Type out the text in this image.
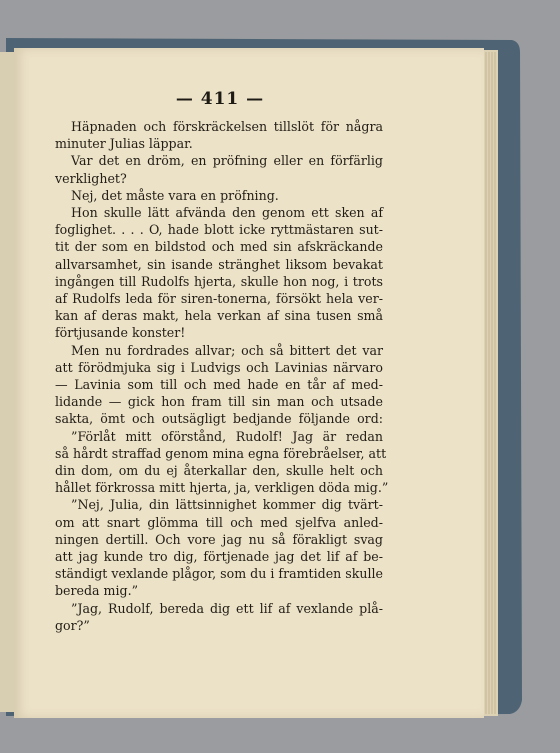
— 411 —
Häpnaden och förskräckelsen tillslöt för några
minuter Julias läppar.
Var det en dröm, en pröfning eller en förfärlig
verklighet?
Nej, det måste vara en pröfning.
Hon skulle lätt afvända den genom ett sken af
foglighet. . . . O, hade blott icke ryttmästaren sut-
tit der som en bildstod och med sin afskräckande
allvarsamhet, sin isande stränghet liksom bevakat
ingången till Rudolfs hjerta, skulle hon nog, i trots
af Rudolfs leda för siren-tonerna, försökt hela ver-
kan af deras makt, hela verkan af sina tusen små
förtjusande konster!
Men nu fordrades allvar; och så bittert det var
att förödmjuka sig i Ludvigs och Lavinias närvaro
— Lavinia som till och med hade en tår af med-
lidande — gick hon fram till sin man och utsade
sakta, ömt och outsägligt bedjande följande ord:
”Förlåt mitt oförstånd, Rudolf! Jag är redan
så hårdt straffad genom mina egna förebråelser, att
din dom, om du ej återkallar den, skulle helt och
hållet förkrossa mitt hjerta, ja, verkligen döda mig.”
”Nej, Julia, din lättsinnighet kommer dig tvärt-
om att snart glömma till och med sjelfva anled-
ningen dertill. Och vore jag nu så förakligt svag
att jag kunde tro dig, förtjenade jag det lif af be-
ständigt vexlande plågor, som du i framtiden skulle
bereda mig.”
”Jag, Rudolf, bereda dig ett lif af vexlande plå-
gor?”
